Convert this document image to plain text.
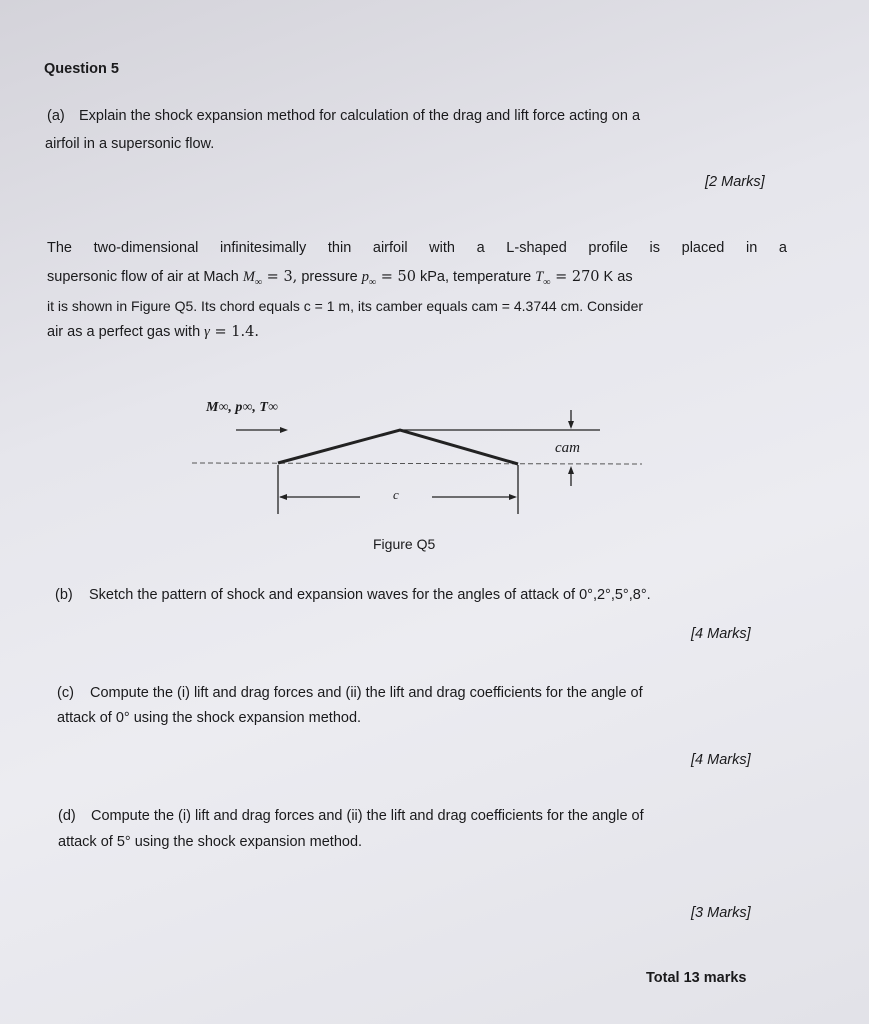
Question 5

(a) Explain the shock expansion method for calculation of the drag and lift force acting on a

airfoil in a supersonic flow.

[2 Marks]

The two-dimensional infinitesimally thin airfoil with a L-shaped profile is placed in a

supersonic flow of air at Mach $M_\infty = 3$, pressure $p_\infty = 50$ kPa, temperature $T_\infty = 270$ K as

it is shown in Figure Q5. Its chord equals c = 1 m, its camber equals cam = 4.3744 cm. Consider

air as a perfect gas with γ = 1.4.

M∞, p∞, T∞

cam

c

Figure Q5

(b) Sketch the pattern of shock and expansion waves for the angles of attack of 0°,2°,5°,8°.

[4 Marks]

(c) Compute the (i) lift and drag forces and (ii) the lift and drag coefficients for the angle of

attack of 0° using the shock expansion method.

[4 Marks]

(d) Compute the (i) lift and drag forces and (ii) the lift and drag coefficients for the angle of

attack of 5° using the shock expansion method.

[3 Marks]

Total 13 marks
